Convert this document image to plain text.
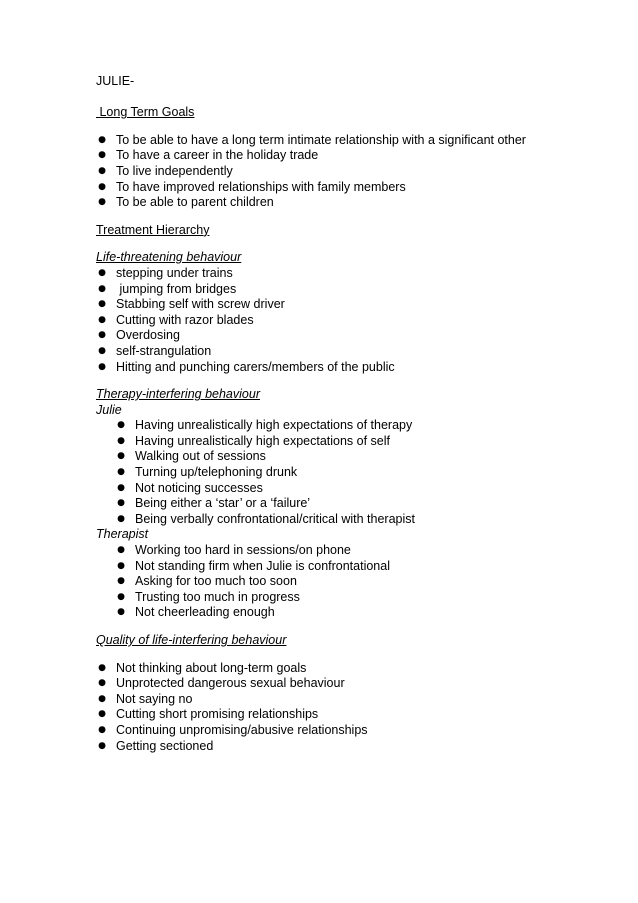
JULIE-
Long Term Goals
● To be able to have a long term intimate relationship with a significant other
● To have a career in the holiday trade
● To live independently
● To have improved relationships with family members
● To be able to parent children
Treatment Hierarchy
Life-threatening behaviour
● stepping under trains
● jumping from bridges
● Stabbing self with screw driver
● Cutting with razor blades
● Overdosing
● self-strangulation
● Hitting and punching carers/members of the public
Therapy-interfering behaviour
Julie
● Having unrealistically high expectations of therapy
● Having unrealistically high expectations of self
● Walking out of sessions
● Turning up/telephoning drunk
● Not noticing successes
● Being either a ‘star’ or a ‘failure’
● Being verbally confrontational/critical with therapist
Therapist
● Working too hard in sessions/on phone
● Not standing firm when Julie is confrontational
● Asking for too much too soon
● Trusting too much in progress
● Not cheerleading enough
Quality of life-interfering behaviour
● Not thinking about long-term goals
● Unprotected dangerous sexual behaviour
● Not saying no
● Cutting short promising relationships
● Continuing unpromising/abusive relationships
● Getting sectioned
